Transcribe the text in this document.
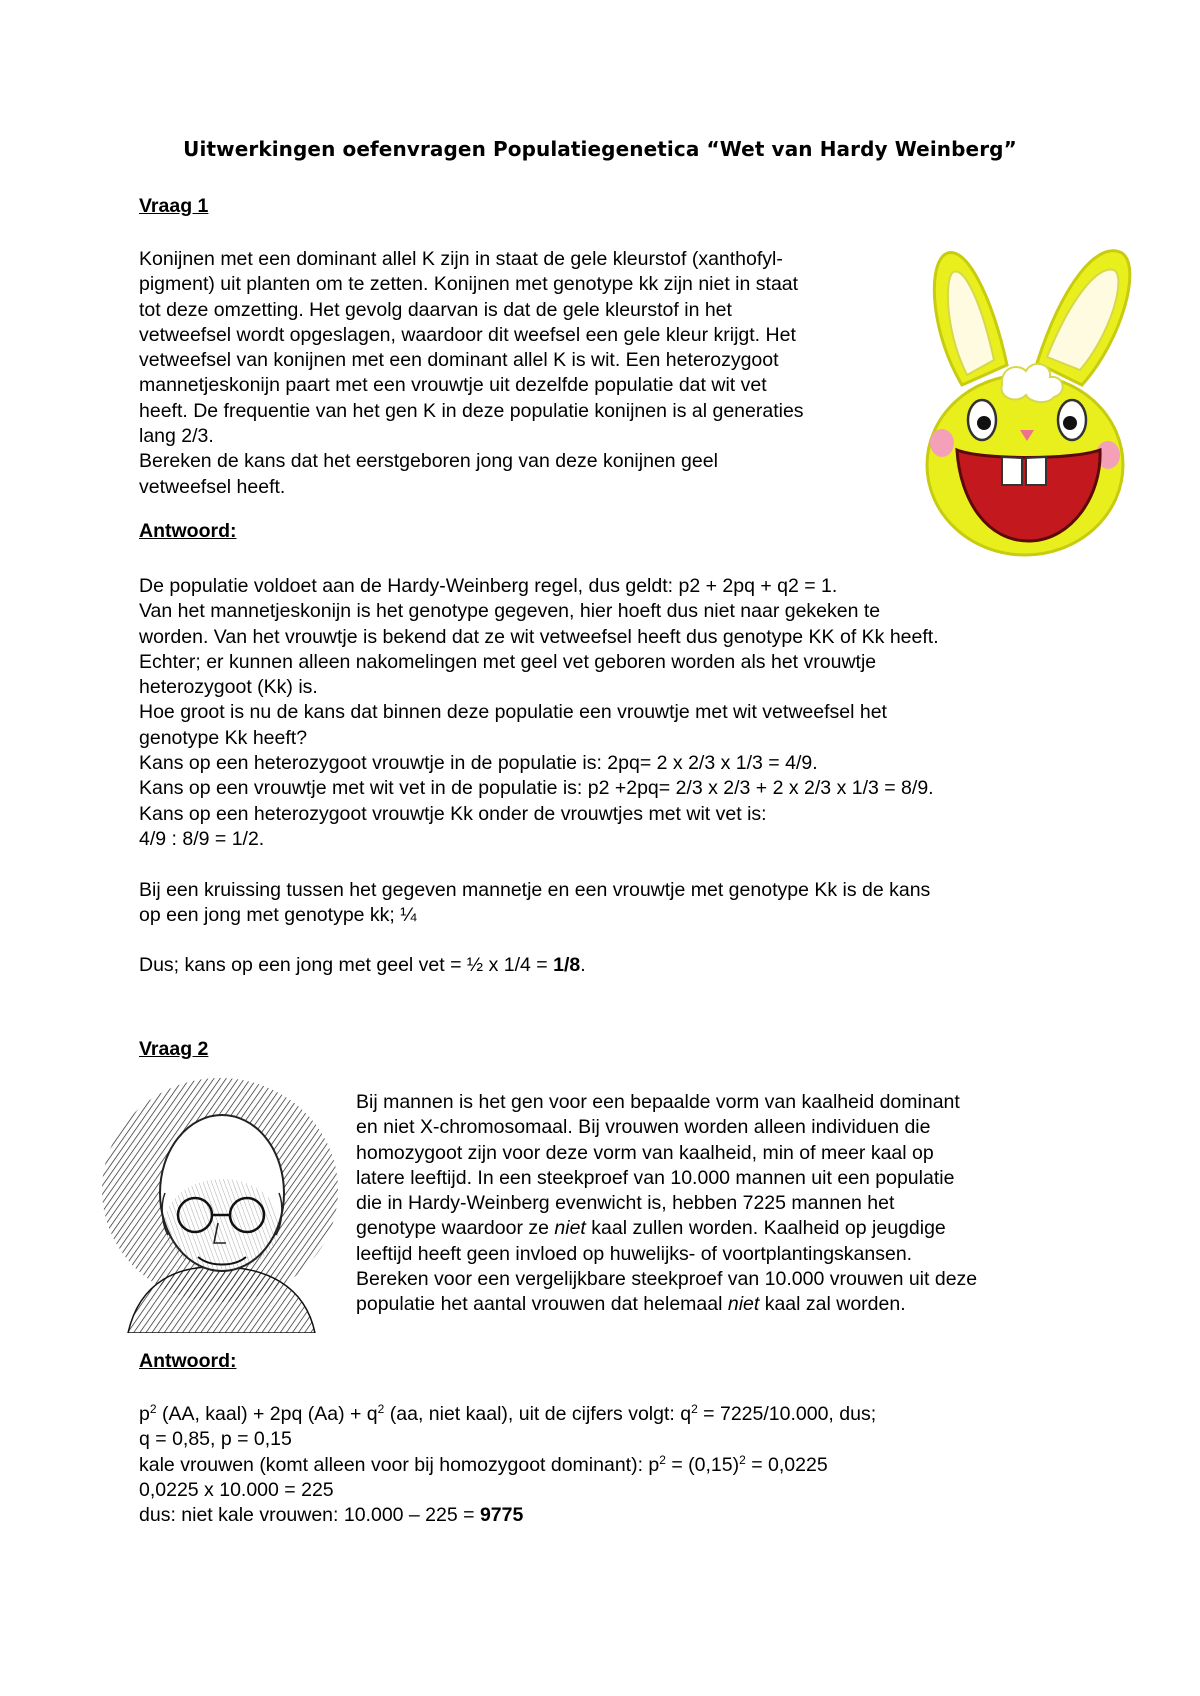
Uitwerkingen oefenvragen Populatiegenetica “Wet van Hardy Weinberg”
Vraag 1

Konijnen met een dominant allel K zijn in staat de gele kleurstof (xanthofyl-

pigment) uit planten om te zetten. Konijnen met genotype kk zijn niet in staat

tot deze omzetting. Het gevolg daarvan is dat de gele kleurstof in het

vetweefsel wordt opgeslagen, waardoor dit weefsel een gele kleur krijgt. Het

vetweefsel van konijnen met een dominant allel K is wit. Een heterozygoot

mannetjeskonijn paart met een vrouwtje uit dezelfde populatie dat wit vet

heeft. De frequentie van het gen K in deze populatie konijnen is al generaties

lang 2/3.

Bereken de kans dat het eerstgeboren jong van deze konijnen geel

vetweefsel heeft.

Antwoord:

De populatie voldoet aan de Hardy-Weinberg regel, dus geldt: p2 + 2pq + q2 = 1.

Van het mannetjeskonijn is het genotype gegeven, hier hoeft dus niet naar gekeken te

worden. Van het vrouwtje is bekend dat ze wit vetweefsel heeft dus genotype KK of Kk heeft.

Echter; er kunnen alleen nakomelingen met geel vet geboren worden als het vrouwtje

heterozygoot (Kk) is.

Hoe groot is nu de kans dat binnen deze populatie een vrouwtje met wit vetweefsel het

genotype Kk heeft?

Kans op een heterozygoot vrouwtje in de populatie is: 2pq= 2 x 2/3 x 1/3 = 4/9.

Kans op een vrouwtje met wit vet in de populatie is: p2 +2pq= 2/3 x 2/3 + 2 x 2/3 x 1/3 = 8/9.

Kans op een heterozygoot vrouwtje Kk onder de vrouwtjes met wit vet is:

4/9 : 8/9 = 1/2.

Bij een kruissing tussen het gegeven mannetje en een vrouwtje met genotype Kk is de kans

op een jong met genotype kk; ¼

Dus; kans op een jong met geel vet = ½ x 1/4 = 1/8.

Vraag 2

Bij mannen is het gen voor een bepaalde vorm van kaalheid dominant

en niet X-chromosomaal. Bij vrouwen worden alleen individuen die

homozygoot zijn voor deze vorm van kaalheid, min of meer kaal op

latere leeftijd. In een steekproef van 10.000 mannen uit een populatie

die in Hardy-Weinberg evenwicht is, hebben 7225 mannen het

genotype waardoor ze niet kaal zullen worden. Kaalheid op jeugdige

leeftijd heeft geen invloed op huwelijks- of voortplantingskansen.

Bereken voor een vergelijkbare steekproef van 10.000 vrouwen uit deze

populatie het aantal vrouwen dat helemaal niet kaal zal worden.

Antwoord:

$p^2$ (AA, kaal) + 2pq $(Aa) + q^2$ (aa, niet kaal), uit de cijfers volgt: $q^2 = 7225/10.000$, dus;

q = 0,85, p = 0,15

kale vrouwen (komt alleen voor bij homozygoot dominant): $p^2 = (0,15)^2 = 0,0225$

0,0225 x 10.000 = 225

dus: niet kale vrouwen: 10.000 – 225 = 9775
